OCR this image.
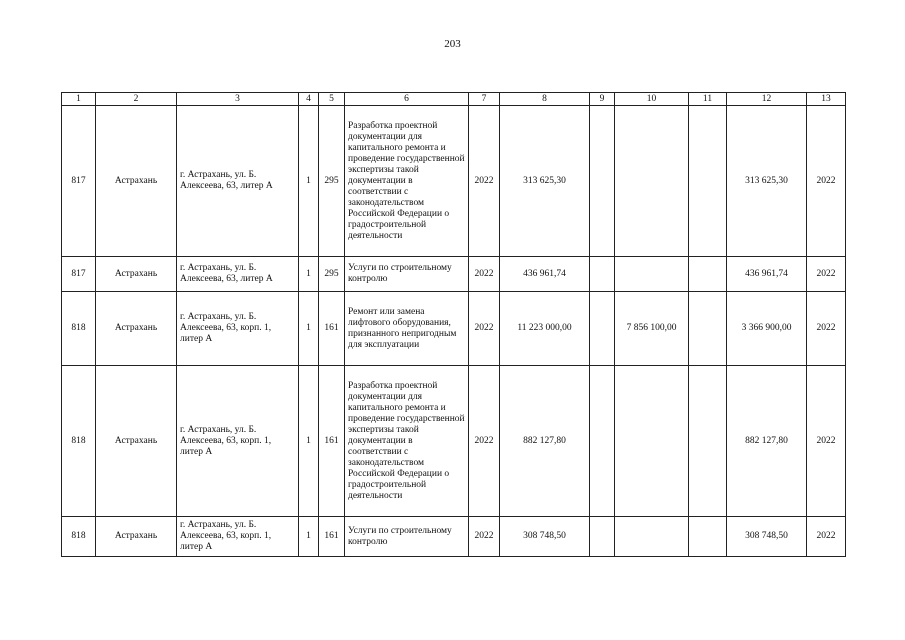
203
1	2	3	4	5	6	7	8	9	10	11	12	13
817	Астрахань	г. Астрахань, ул. Б. Алексеева, 63, литер А	1	295	Разработка проектной документации для капитального ремонта и проведение государственной экспертизы такой документации в соответствии с законодательством Российской Федерации о градостроительной деятельности	2022	313 625,30				313 625,30	2022
817	Астрахань	г. Астрахань, ул. Б. Алексеева, 63, литер А	1	295	Услуги по строительному контролю	2022	436 961,74				436 961,74	2022
818	Астрахань	г. Астрахань, ул. Б. Алексеева, 63, корп. 1, литер А	1	161	Ремонт или замена лифтового оборудования, признанного непригодным для эксплуатации	2022	11 223 000,00		7 856 100,00		3 366 900,00	2022
818	Астрахань	г. Астрахань, ул. Б. Алексеева, 63, корп. 1, литер А	1	161	Разработка проектной документации для капитального ремонта и проведение государственной экспертизы такой документации в соответствии с законодательством Российской Федерации о градостроительной деятельности	2022	882 127,80				882 127,80	2022
818	Астрахань	г. Астрахань, ул. Б. Алексеева, 63, корп. 1, литер А	1	161	Услуги по строительному контролю	2022	308 748,50				308 748,50	2022
